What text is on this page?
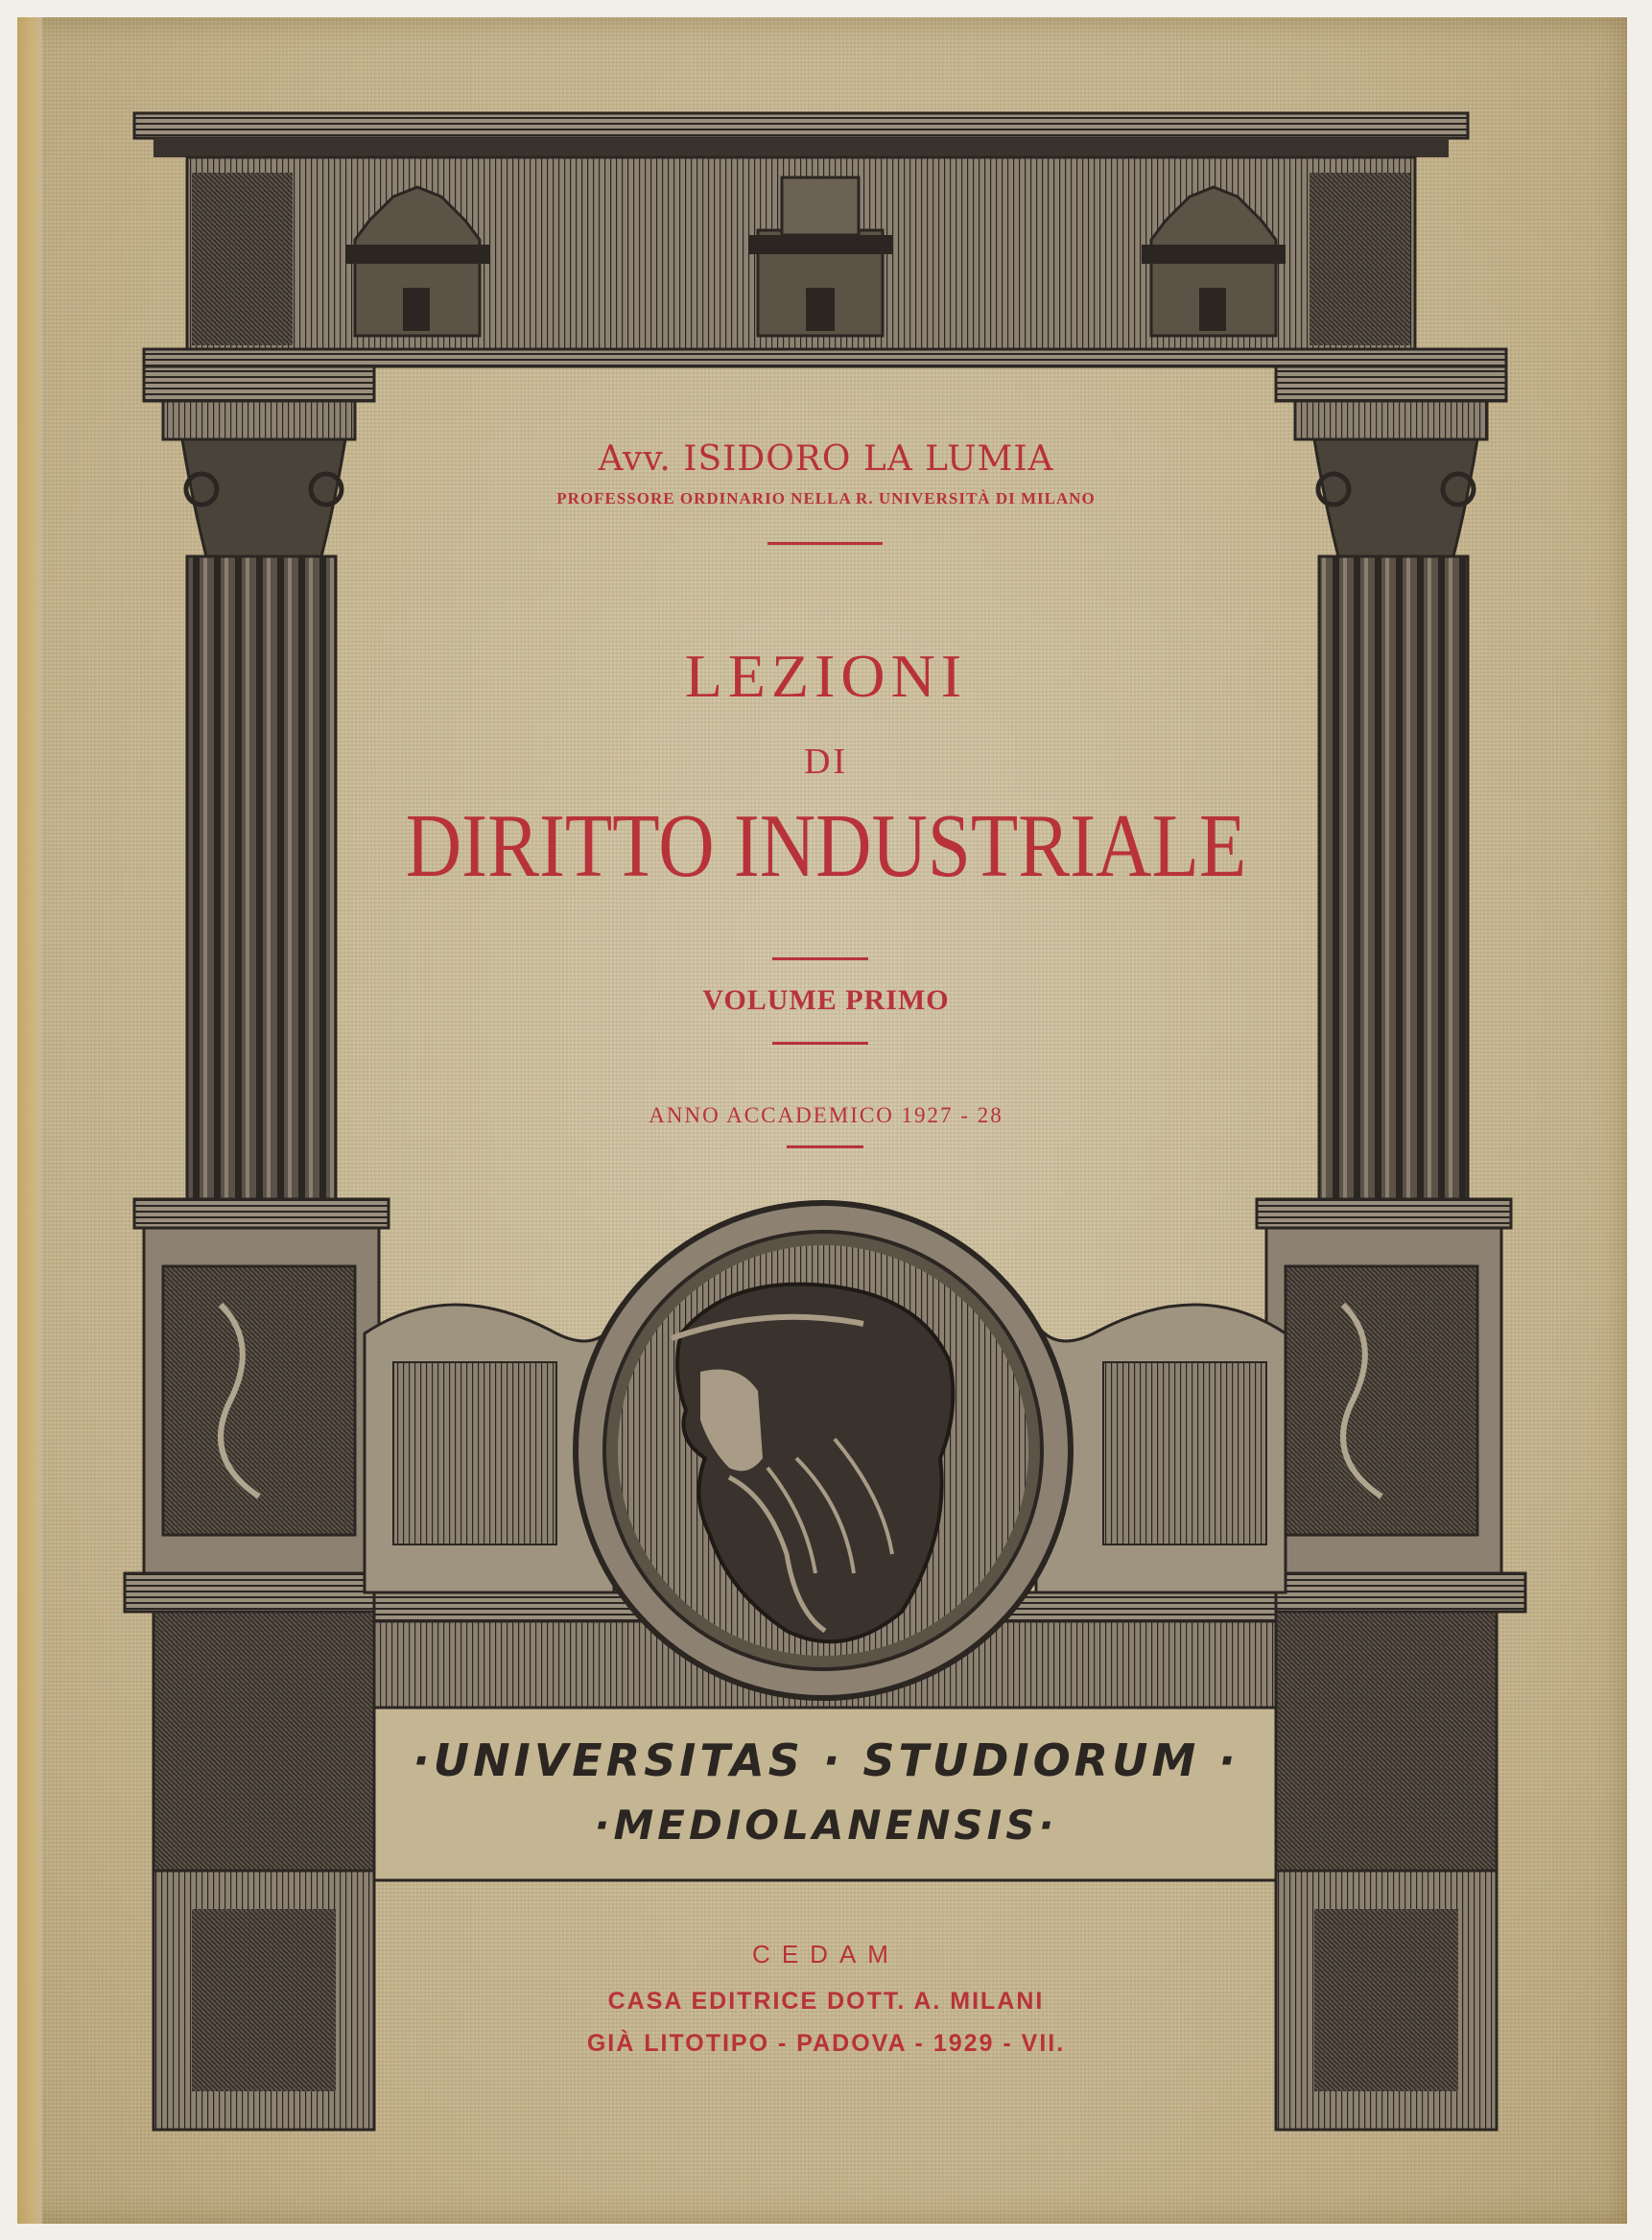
Avv. ISIDORO LA LUMIA
PROFESSORE ORDINARIO NELLA R. UNIVERSITÀ DI MILANO
LEZIONI
DI
DIRITTO INDUSTRIALE
VOLUME PRIMO
ANNO ACCADEMICO 1927 - 28
·UNIVERSITAS · STUDIORUM ·
·MEDIOLANENSIS·
CEDAM
CASA EDITRICE DOTT. A. MILANI
GIÀ LITOTIPO - PADOVA - 1929 - VII.
